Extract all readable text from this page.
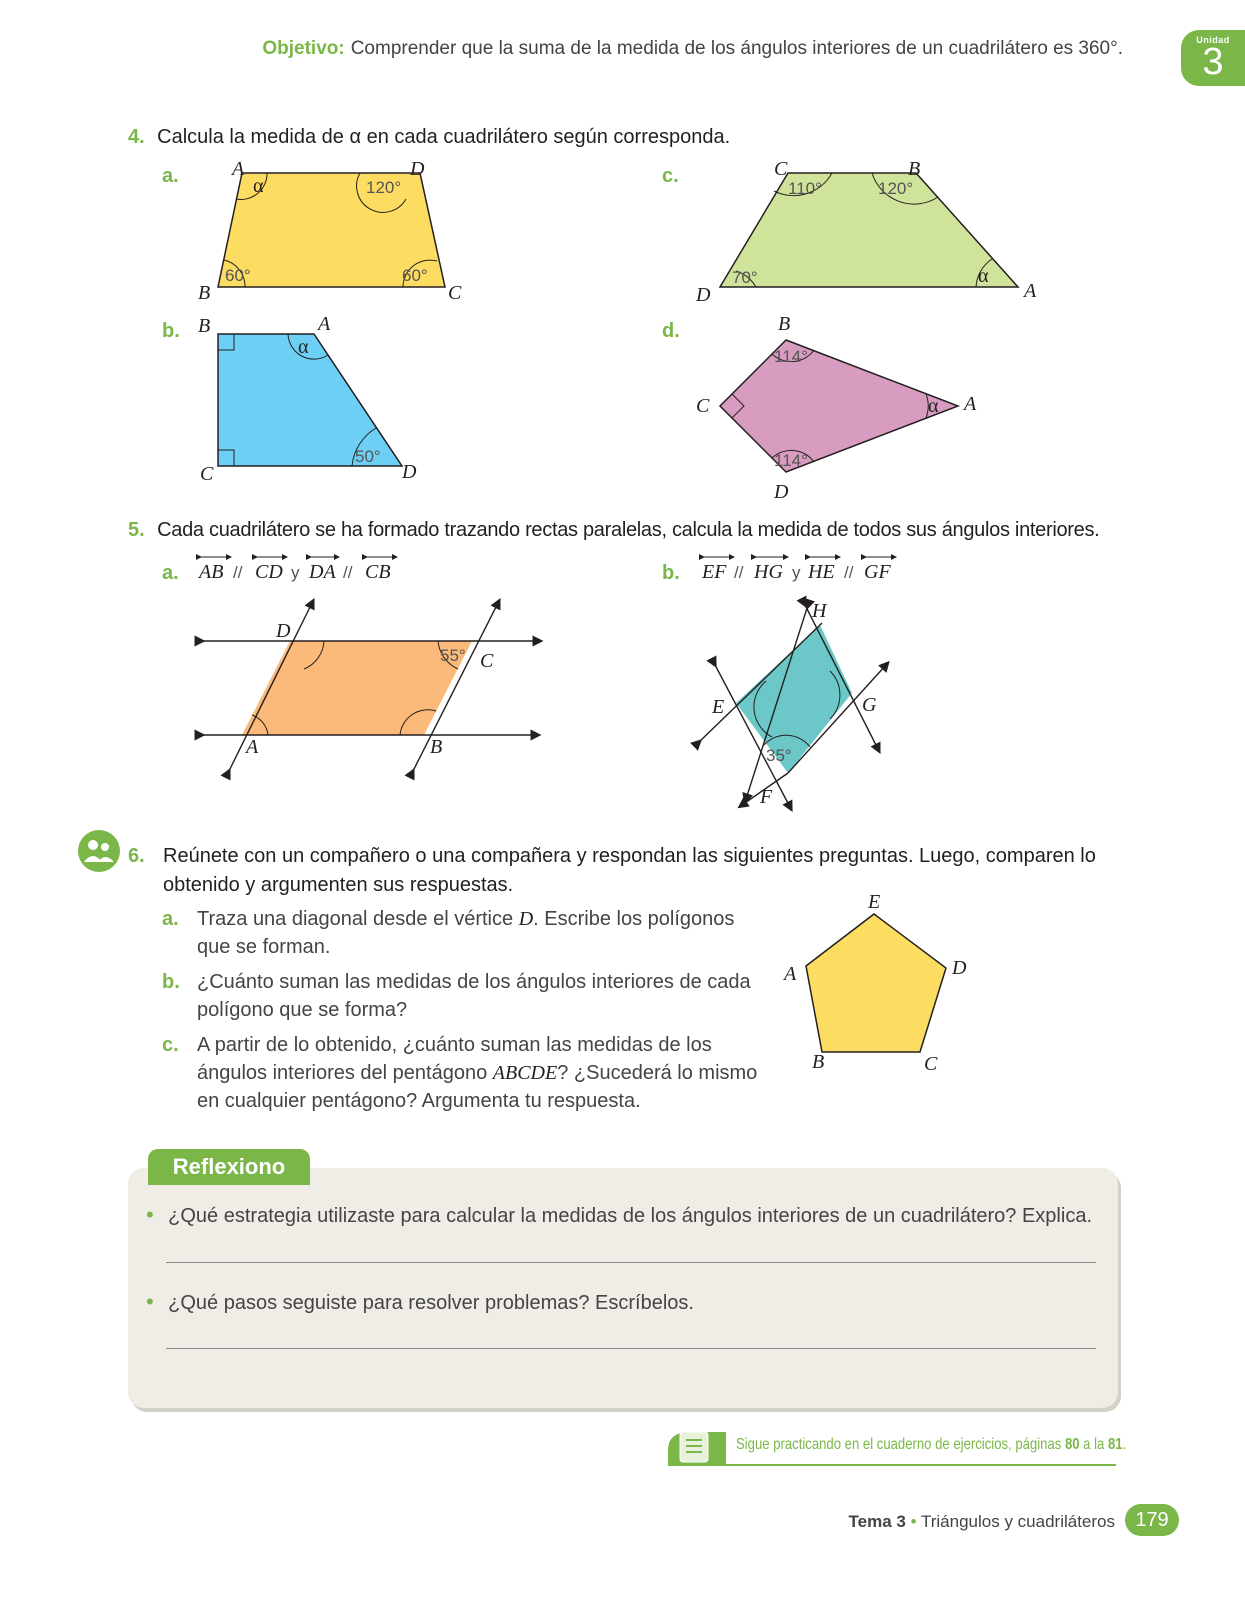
Objetivo: Comprender que la suma de la medida de los ángulos interiores de un cuadrilátero es 360°.	Unidad
3
4. Calcula la medida de α en cada cuadrilátero según corresponda.
a.	A	D
B	C
α	120°
60°	60°
b. B	A
C	D
α
50°
c.	C	B
D	A
110°	120°
70°	α
d.	B
C	A
D
114°
α
114°
5. Cada cuadrilátero se ha formado trazando rectas paralelas, calcula la medida de todos sus ángulos interiores.
a. AB // CD y DA // CB
D
C
A	B
55°
b. EF // HG y HE // GF
H
E	G
F
35°
6. Reúnete con un compañero o una compañera y respondan las siguientes preguntas. Luego, comparen lo obtenido y argumenten sus respuestas.
a. Traza una diagonal desde el vértice D. Escribe los polígonos que se forman.
b. ¿Cuánto suman las medidas de los ángulos interiores de cada polígono que se forma?
c. A partir de lo obtenido, ¿cuánto suman las medidas de los ángulos interiores del pentágono ABCDE? ¿Sucederá lo mismo en cualquier pentágono? Argumenta tu respuesta.
E
A	D
B	C
Reflexiono
• ¿Qué estrategia utilizaste para calcular la medidas de los ángulos interiores de un cuadrilátero? Explica.
• ¿Qué pasos seguiste para resolver problemas? Escríbelos.
Sigue practicando en el cuaderno de ejercicios, páginas 80 a la 81.
Tema 3 • Triángulos y cuadriláteros	179
